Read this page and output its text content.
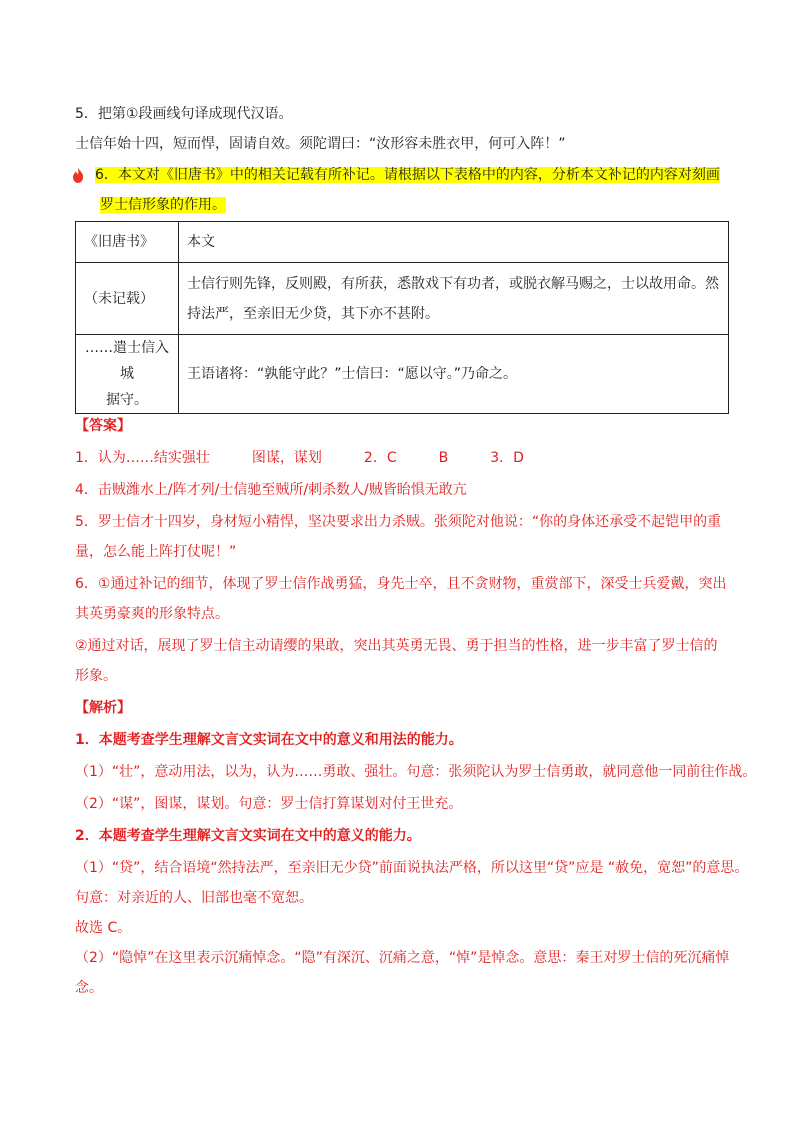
5．把第①段画线句译成现代汉语。
士信年始十四，短而悍，固请自效。须陀谓曰：“汝形容未胜衣甲，何可入阵！”
6．本文对《旧唐书》中的相关记载有所补记。请根据以下表格中的内容，分析本文补记的内容对刻画
罗士信形象的作用。
《旧唐书》	本文

（未记载）	士信行则先锋，反则殿，有所获，悉散戏下有功者，或脱衣解马赐之，士以故用命。然
持法严，至亲旧无少贷，其下亦不甚附。

……遣士信入城
据守。	王语诸将：“孰能守此？”士信曰：“愿以守。”乃命之。
【答案】
1．认为……结实强壮　　　图谋，谋划　　　2．C　　　B　　　3．D
4．击贼潍水上/阵才列/士信驰至贼所/刺杀数人/贼皆眙惧无敢亢
5．罗士信才十四岁，身材短小精悍，坚决要求出力杀贼。张须陀对他说：“你的身体还承受不起铠甲的重
量，怎么能上阵打仗呢！”
6．①通过补记的细节，体现了罗士信作战勇猛，身先士卒，且不贪财物，重赏部下，深受士兵爱戴，突出
其英勇豪爽的形象特点。
②通过对话，展现了罗士信主动请缨的果敢，突出其英勇无畏、勇于担当的性格，进一步丰富了罗士信的
形象。
【解析】
1．本题考查学生理解文言文实词在文中的意义和用法的能力。
（1）“壮”，意动用法，以为，认为……勇敢、强壮。句意：张须陀认为罗士信勇敢，就同意他一同前往作战。
（2）“谋”，图谋，谋划。句意：罗士信打算谋划对付王世充。
2．本题考查学生理解文言文实词在文中的意义的能力。
（1）“贷”，结合语境“然持法严，至亲旧无少贷”前面说执法严格，所以这里“贷”应是 “赦免，宽恕”的意思。
句意：对亲近的人、旧部也毫不宽恕。
故选 C。
（2）“隐悼”在这里表示沉痛悼念。“隐”有深沉、沉痛之意，“悼”是悼念。意思：秦王对罗士信的死沉痛悼
念。
